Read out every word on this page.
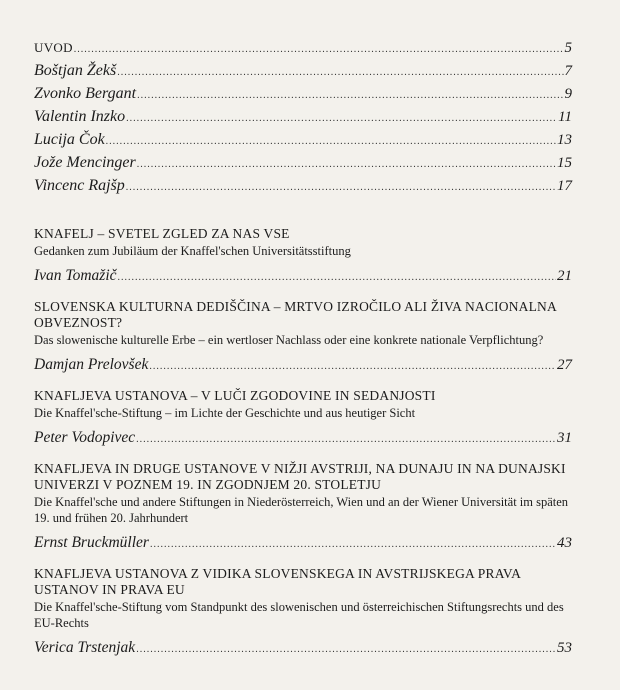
UVOD .....	5
Boštjan Žekš .....	7
Zvonko Bergant .....	9
Valentin Inzko .....	11
Lucija Čok .....	13
Jože Mencinger .....	15
Vincenc Rajšp .....	17
KNAFELJ – SVETEL ZGLED ZA NAS VSE
Gedanken zum Jubiläum der Knaffel'schen Universitätsstiftung
Ivan Tomažič .....	21
SLOVENSKA KULTURNA DEDIŠČINA – MRTVO IZROČILO ALI ŽIVA NACIONALNA OBVEZNOST?
Das slowenische kulturelle Erbe – ein wertloser Nachlass oder eine konkrete nationale Verpflichtung?
Damjan Prelovšek .....	27
KNAFLJEVA USTANOVA – V LUČI ZGODOVINE IN SEDANJOSTI
Die Knaffel'sche-Stiftung – im Lichte der Geschichte und aus heutiger Sicht
Peter Vodopivec .....	31
KNAFLJEVA IN DRUGE USTANOVE V NIŽJI AVSTRIJI, NA DUNAJU IN NA DUNAJSKI UNIVERZI V POZNEM 19. IN ZGODNJEM 20. STOLETJU
Die Knaffel'sche und andere Stiftungen in Niederösterreich, Wien und an der Wiener Universität im späten 19. und frühen 20. Jahrhundert
Ernst Bruckmüller .....	43
KNAFLJEVA USTANOVA Z VIDIKA SLOVENSKEGA IN AVSTRIJSKEGA PRAVA USTANOV IN PRAVA EU
Die Knaffel'sche-Stiftung vom Standpunkt des slowenischen und österreichischen Stiftungsrechts und des EU-Rechts
Verica Trstenjak .....	53
